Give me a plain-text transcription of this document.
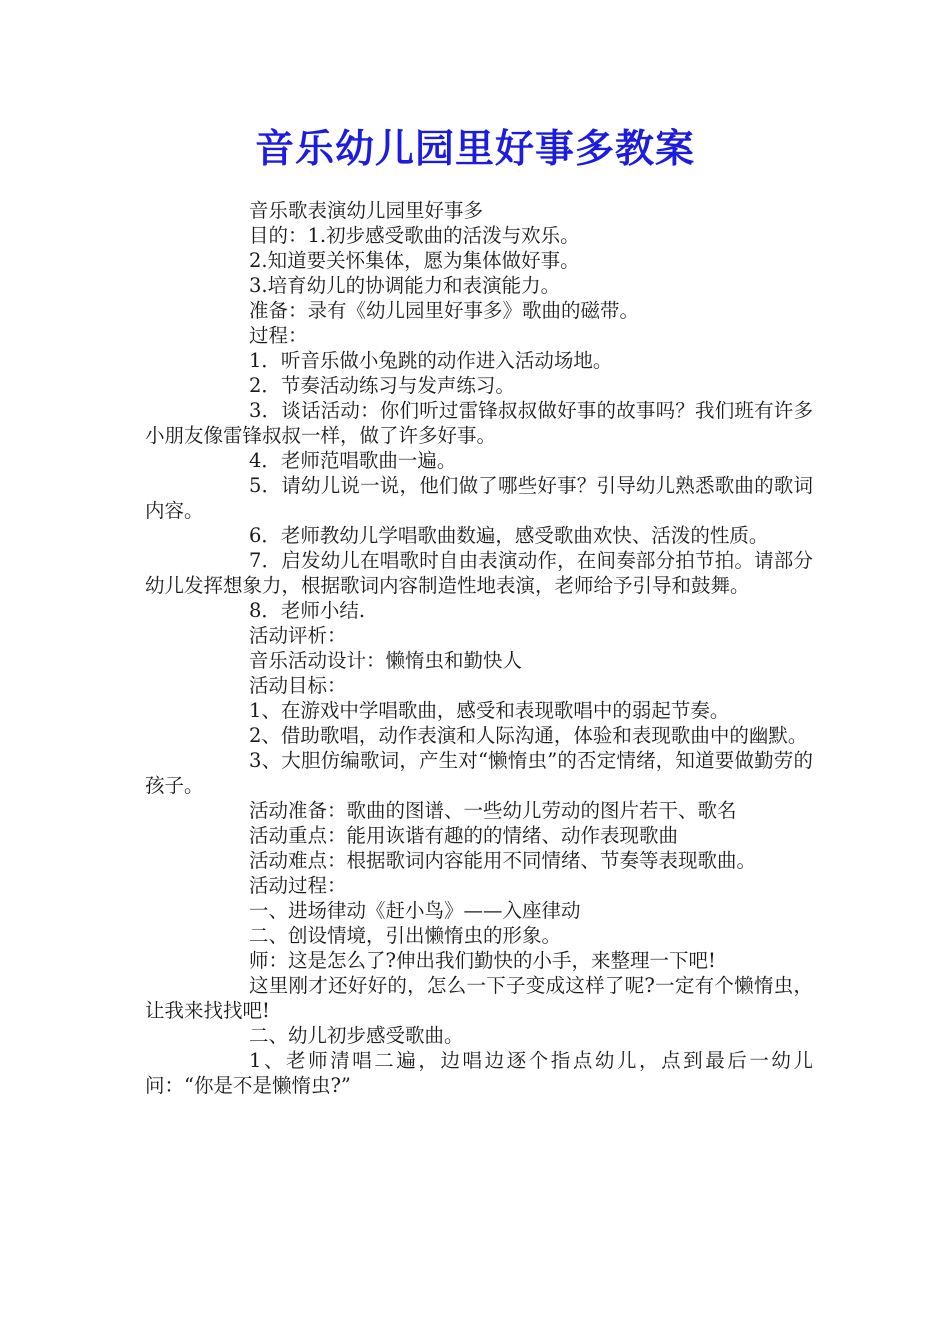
音乐幼儿园里好事多教案

音乐歌表演幼儿园里好事多

目的：1.初步感受歌曲的活泼与欢乐。

2.知道要关怀集体，愿为集体做好事。

3.培育幼儿的协调能力和表演能力。

准备：录有《幼儿园里好事多》歌曲的磁带。

过程：

1．听音乐做小兔跳的动作进入活动场地。

2．节奏活动练习与发声练习。

3．谈话活动：你们听过雷锋叔叔做好事的故事吗？我们班有许多小朋友像雷锋叔叔一样，做了许多好事。

4．老师范唱歌曲一遍。

5．请幼儿说一说，他们做了哪些好事？引导幼儿熟悉歌曲的歌词内容。

6．老师教幼儿学唱歌曲数遍，感受歌曲欢快、活泼的性质。

7．启发幼儿在唱歌时自由表演动作，在间奏部分拍节拍。请部分幼儿发挥想象力，根据歌词内容制造性地表演，老师给予引导和鼓舞。

8．老师小结.

活动评析：

音乐活动设计：懒惰虫和勤快人

活动目标：

1、在游戏中学唱歌曲，感受和表现歌唱中的弱起节奏。

2、借助歌唱，动作表演和人际沟通，体验和表现歌曲中的幽默。

3、大胆仿编歌词，产生对“懒惰虫”的否定情绪，知道要做勤劳的孩子。

活动准备：歌曲的图谱、一些幼儿劳动的图片若干、歌名

活动重点：能用诙谐有趣的的情绪、动作表现歌曲

活动难点：根据歌词内容能用不同情绪、节奏等表现歌曲。

活动过程：

一、进场律动《赶小鸟》——入座律动

二、创设情境，引出懒惰虫的形象。

师：这是怎么了?伸出我们勤快的小手，来整理一下吧!

这里刚才还好好的，怎么一下子变成这样了呢?一定有个懒惰虫，让我来找找吧!

二、幼儿初步感受歌曲。

1、老师清唱二遍，边唱边逐个指点幼儿，点到最后一幼儿问：“你是不是懒惰虫?”
